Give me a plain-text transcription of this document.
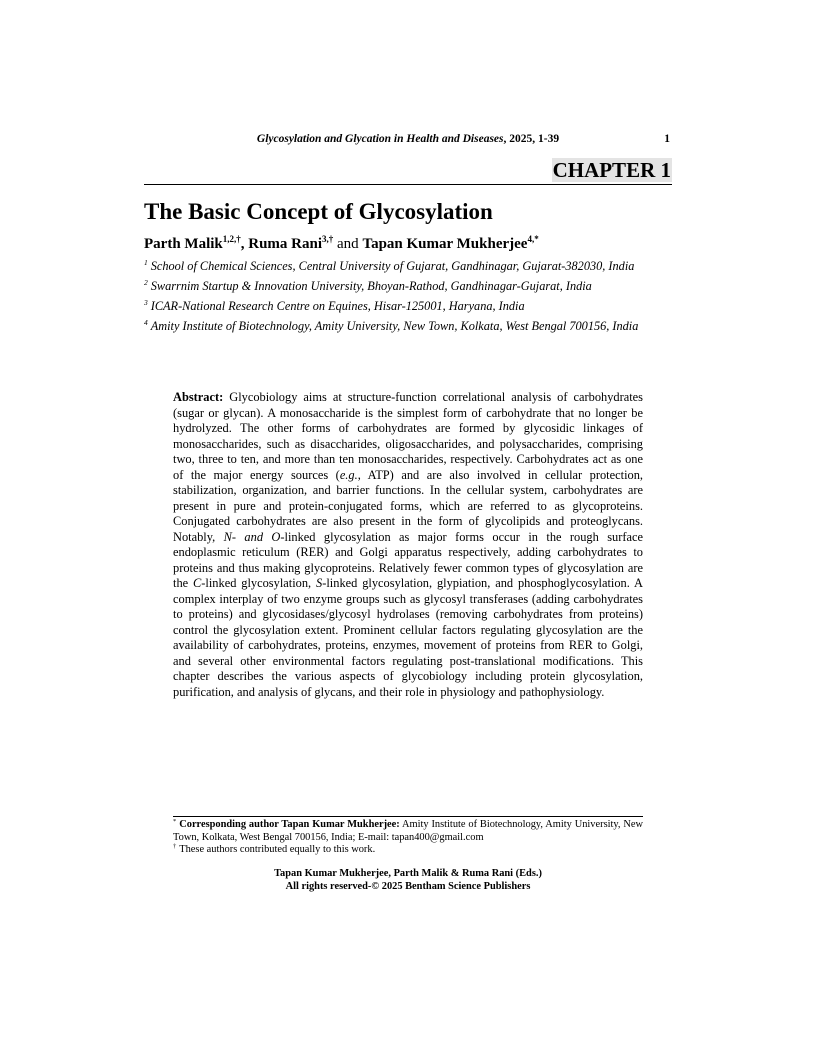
Glycosylation and Glycation in Health and Diseases, 2025, 1-39	1
CHAPTER 1
The Basic Concept of Glycosylation
Parth Malik$^{1,2,\dagger}$, Ruma Rani$^{3,\dagger}$ and Tapan Kumar Mukherjee$^{4,*}$

$^1$ School of Chemical Sciences, Central University of Gujarat, Gandhinagar, Gujarat-382030, India

$^2$ Swarrnim Startup & Innovation University, Bhoyan-Rathod, Gandhinagar-Gujarat, India

$^3$ ICAR-National Research Centre on Equines, Hisar-125001, Haryana, India

$^4$ Amity Institute of Biotechnology, Amity University, New Town, Kolkata, West Bengal 700156, India

Abstract: Glycobiology aims at structure-function correlational analysis of carbohydrates (sugar or glycan). A monosaccharide is the simplest form of carbohydrate that no longer be hydrolyzed. The other forms of carbohydrates are formed by glycosidic linkages of monosaccharides, such as disaccharides, oligosaccharides, and polysaccharides, comprising two, three to ten, and more than ten monosaccharides, respectively. Carbohydrates act as one of the major energy sources (e.g., ATP) and are also involved in cellular protection, stabilization, organization, and barrier functions. In the cellular system, carbohydrates are present in pure and protein-conjugated forms, which are referred to as glycoproteins. Conjugated carbohydrates are also present in the form of glycolipids and proteoglycans. Notably, N- and O-linked glycosylation as major forms occur in the rough surface endoplasmic reticulum (RER) and Golgi apparatus respectively, adding carbohydrates to proteins and thus making glycoproteins. Relatively fewer common types of glycosylation are the C-linked glycosylation, S-linked glycosylation, glypiation, and phosphoglycosylation. A complex interplay of two enzyme groups such as glycosyl transferases (adding carbohydrates to proteins) and glycosidases/glycosyl hydrolases (removing carbohydrates from proteins) control the glycosylation extent. Prominent cellular factors regulating glycosylation are the availability of carbohydrates, proteins, enzymes, movement of proteins from RER to Golgi, and several other environmental factors regulating post-translational modifications. This chapter describes the various aspects of glycobiology including protein glycosylation, purification, and analysis of glycans, and their role in physiology and pathophysiology.

* Corresponding author Tapan Kumar Mukherjee: Amity Institute of Biotechnology, Amity University, New Town, Kolkata, West Bengal 700156, India; E-mail: tapan400@gmail.com

† These authors contributed equally to this work.

Tapan Kumar Mukherjee, Parth Malik & Ruma Rani (Eds.)

All rights reserved-© 2025 Bentham Science Publishers
